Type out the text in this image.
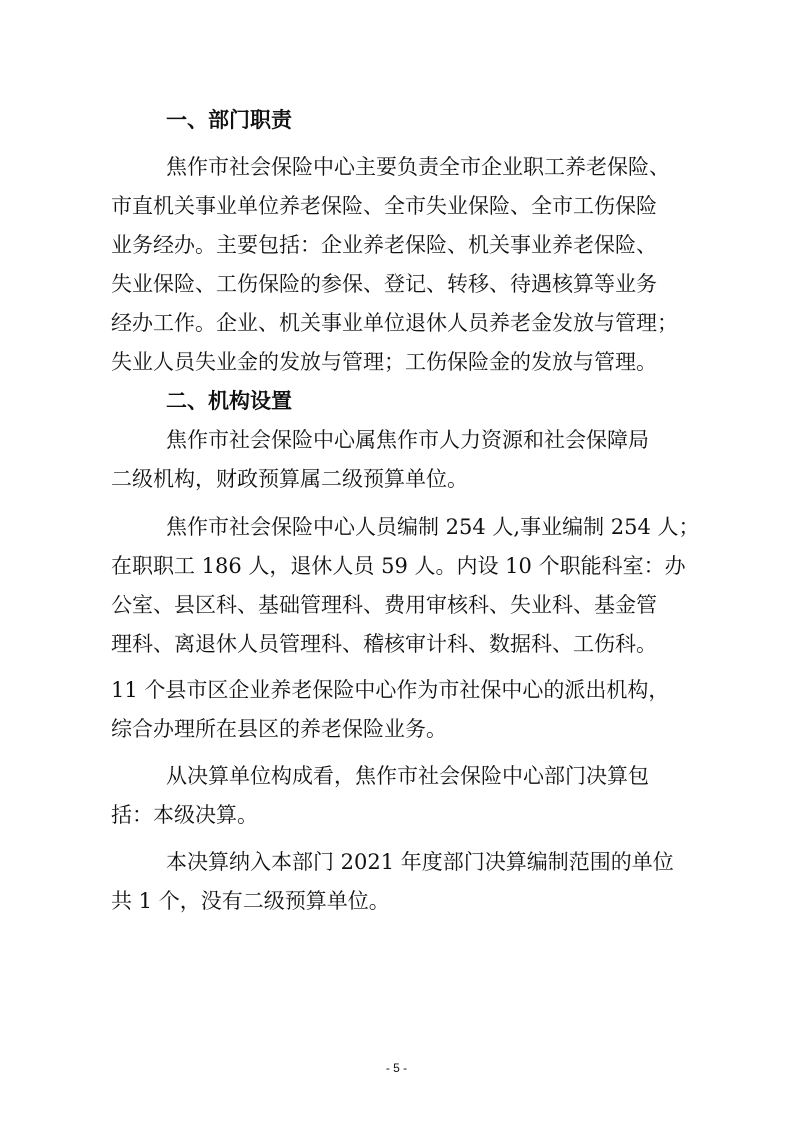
一、部门职责
焦作市社会保险中心主要负责全市企业职工养老保险、
市直机关事业单位养老保险、全市失业保险、全市工伤保险
业务经办。主要包括：企业养老保险、机关事业养老保险、
失业保险、工伤保险的参保、登记、转移、待遇核算等业务
经办工作。企业、机关事业单位退休人员养老金发放与管理；
失业人员失业金的发放与管理；工伤保险金的发放与管理。
二、机构设置
焦作市社会保险中心属焦作市人力资源和社会保障局
二级机构，财政预算属二级预算单位。
焦作市社会保险中心人员编制 254 人,事业编制 254 人；
在职职工 186 人，退休人员 59 人。内设 10 个职能科室：办
公室、县区科、基础管理科、费用审核科、失业科、基金管
理科、离退休人员管理科、稽核审计科、数据科、工伤科。
11 个县市区企业养老保险中心作为市社保中心的派出机构，
综合办理所在县区的养老保险业务。
从决算单位构成看，焦作市社会保险中心部门决算包
括：本级决算。
本决算纳入本部门 2021 年度部门决算编制范围的单位
共 1 个，没有二级预算单位。
- 5 -
